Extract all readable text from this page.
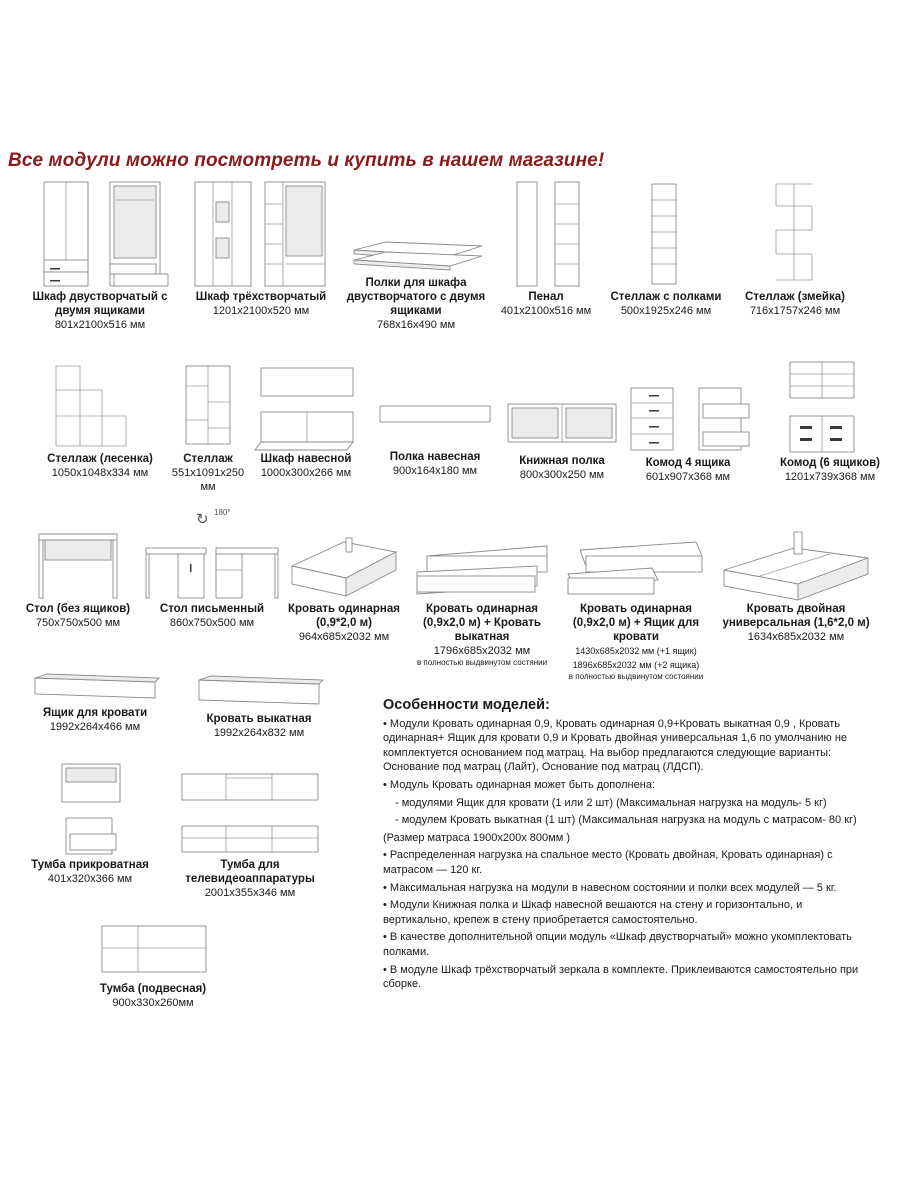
Все модули можно посмотреть и купить в нашем магазине!
Шкаф двустворчатый с двумя ящиками
801x2100x516 мм
Шкаф трёхстворчатый
1201x2100x520 мм
Полки для шкафа двустворчатого с двумя ящиками
768x16x490 мм
Пенал
401x2100x516 мм
Стеллаж с полками
500x1925x246 мм
Стеллаж (змейка)
716x1757x246 мм
Стеллаж (лесенка)
1050x1048x334 мм
Стеллаж
551x1091x250 мм
Шкаф навесной
1000x300x266 мм
Полка навесная
900x164x180 мм
Книжная полка
800x300x250 мм
Комод 4 ящика
601x907x368 мм
Комод (6 ящиков)
1201x739x368 мм
Стол (без ящиков)
750x750x500 мм
↻ 180°
Стол письменный
860x750x500 мм
Кровать одинарная (0,9*2,0 м)
964x685x2032 мм
Кровать одинарная (0,9x2,0 м) + Кровать выкатная
1796x685x2032 мм
в полностью выдвинутом состянии
Кровать одинарная (0,9x2,0 м) + Ящик для кровати
1430x685x2032 мм (+1 ящик)
1896x685x2032 мм (+2 ящика)
в полностью выдвинутом состоянии
Кровать двойная универсальная (1,6*2,0 м)
1634x685x2032 мм
Ящик для кровати
1992x264x466 мм
Кровать выкатная
1992x264x832 мм
Тумба прикроватная
401x320x366 мм
Тумба для телевидеоаппаратуры
2001x355x346 мм
Тумба (подвесная)
900x330x260мм
Особенности моделей:

• Модули Кровать одинарная 0,9, Кровать одинарная 0,9+Кровать выкатная 0,9 , Кровать одинарная+ Ящик для кровати 0,9 и Кровать двойная универсальная 1,6 по умолчанию не комплектуется основанием под матрац. На выбор предлагаются следующие варианты: Основание под матрац (Лайт), Основание под матрац (ЛДСП).

• Модуль Кровать одинарная может быть дополнена:

- модулями Ящик для кровати (1 или 2 шт) (Максимальная нагрузка на модуль- 5 кг)

- модулем Кровать выкатная (1 шт) (Максимальная нагрузка на модуль с матрасом- 80 кг)

(Размер матраса 1900х200х 800мм )

• Распределенная нагрузка на спальное место (Кровать двойная, Кровать одинарная) с матрасом — 120 кг.

• Максимальная нагрузка на модули в навесном состоянии и полки всех модулей — 5 кг.

• Модули Книжная полка и Шкаф навесной вешаются на стену и горизонтально, и вертикально, крепеж в стену приобретается самостоятельно.

• В качестве дополнительной опции модуль «Шкаф двустворчатый» можно укомплектовать полками.

• В модуле Шкаф трёхстворчатый зеркала в комплекте. Приклеиваются самостоятельно при сборке.
